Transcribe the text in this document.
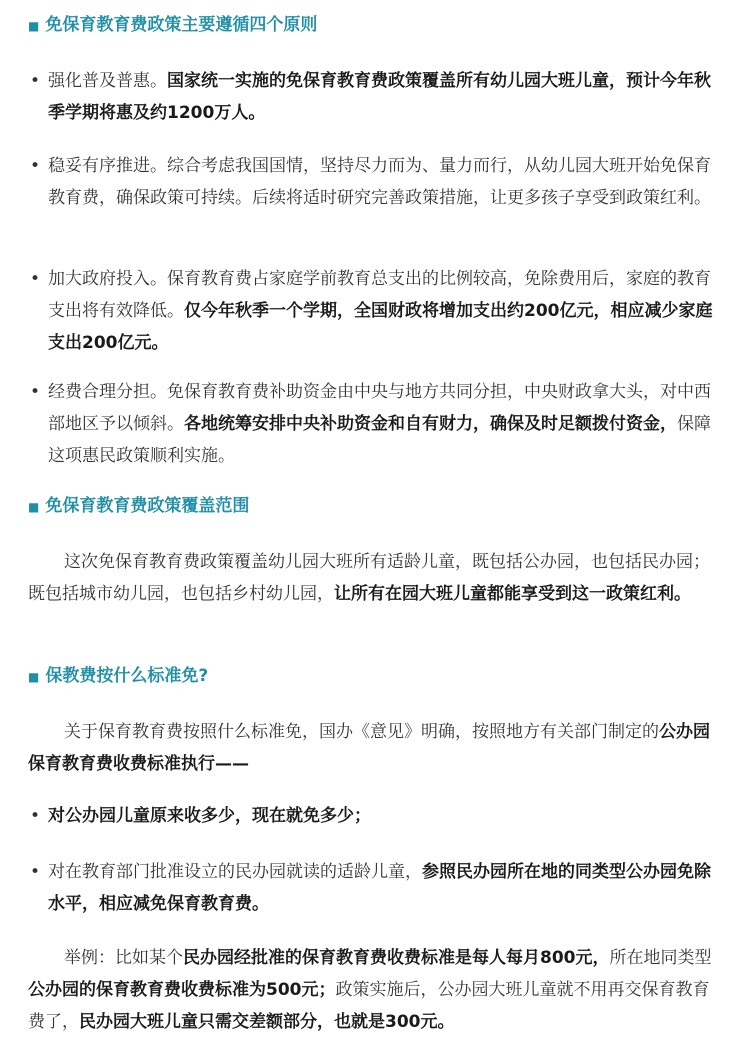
■ 免保育教育费政策主要遵循四个原则

• 强化普及普惠。国家统一实施的免保育教育费政策覆盖所有幼儿园大班儿童，预计今年秋季学期将惠及约1200万人。

• 稳妥有序推进。综合考虑我国国情，坚持尽力而为、量力而行，从幼儿园大班开始免保育教育费，确保政策可持续。后续将适时研究完善政策措施，让更多孩子享受到政策红利。

• 加大政府投入。保育教育费占家庭学前教育总支出的比例较高，免除费用后，家庭的教育支出将有效降低。仅今年秋季一个学期，全国财政将增加支出约200亿元，相应减少家庭支出200亿元。

• 经费合理分担。免保育教育费补助资金由中央与地方共同分担，中央财政拿大头，对中西部地区予以倾斜。各地统筹安排中央补助资金和自有财力，确保及时足额拨付资金，保障这项惠民政策顺利实施。

■ 免保育教育费政策覆盖范围

这次免保育教育费政策覆盖幼儿园大班所有适龄儿童，既包括公办园，也包括民办园；既包括城市幼儿园，也包括乡村幼儿园，让所有在园大班儿童都能享受到这一政策红利。

■ 保教费按什么标准免?

关于保育教育费按照什么标准免，国办《意见》明确，按照地方有关部门制定的公办园保育教育费收费标准执行——

• 对公办园儿童原来收多少，现在就免多少；

• 对在教育部门批准设立的民办园就读的适龄儿童，参照民办园所在地的同类型公办园免除水平，相应减免保育教育费。

举例：比如某个民办园经批准的保育教育费收费标准是每人每月800元，所在地同类型公办园的保育教育费收费标准为500元；政策实施后，公办园大班儿童就不用再交保育教育费了，民办园大班儿童只需交差额部分，也就是300元。
